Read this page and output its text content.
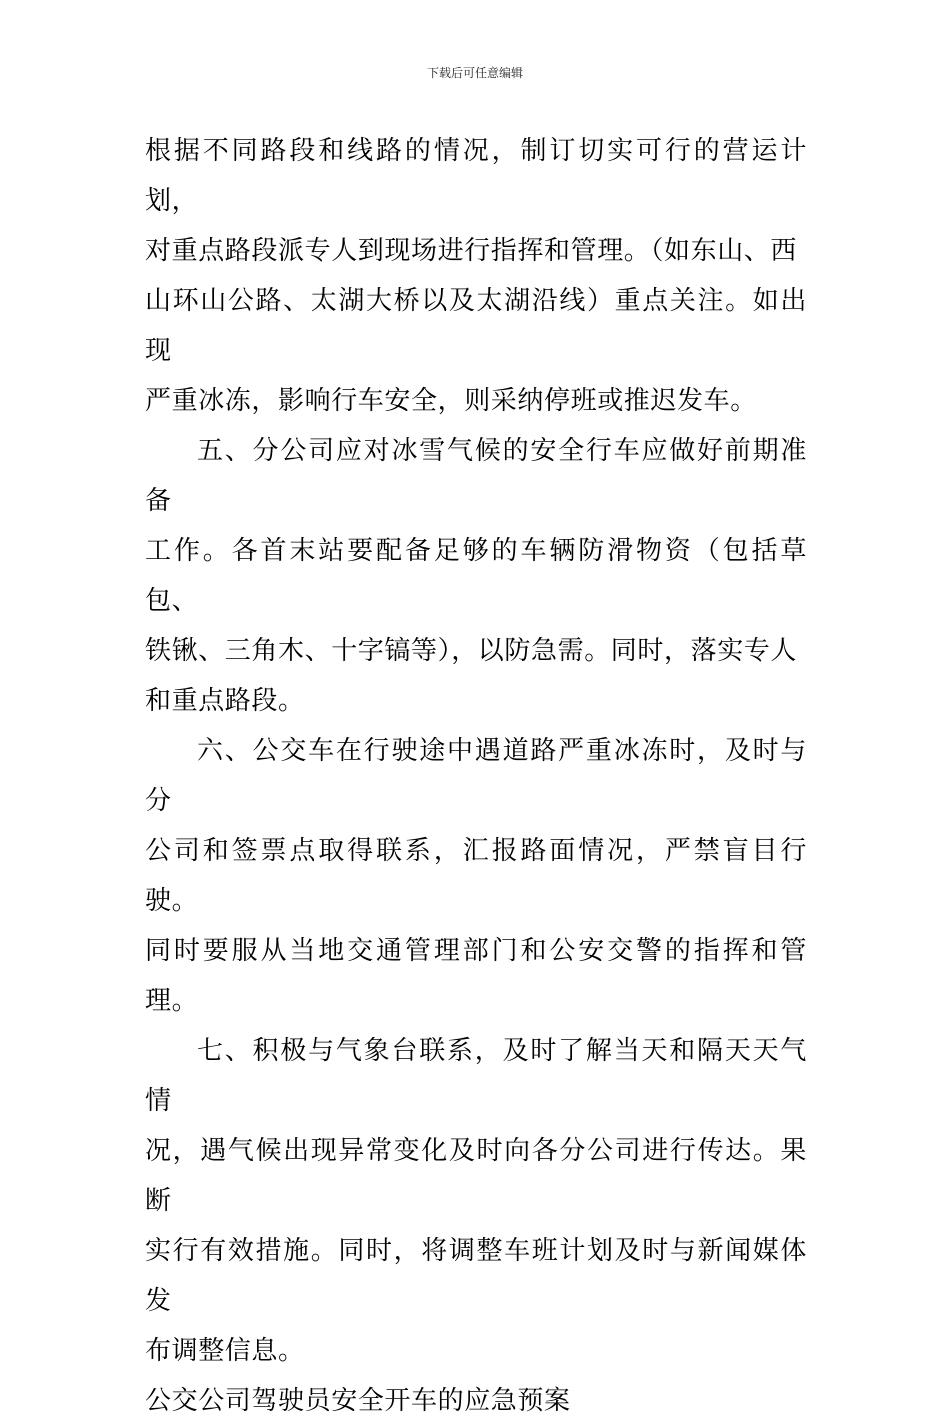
下载后可任意编辑
根据不同路段和线路的情况，制订切实可行的营运计划，
对重点路段派专人到现场进行指挥和管理。（如东山、西
山环山公路、太湖大桥以及太湖沿线）重点关注。如出现
严重冰冻，影响行车安全，则采纳停班或推迟发车。
五、分公司应对冰雪气候的安全行车应做好前期准备
工作。各首末站要配备足够的车辆防滑物资（包括草包、
铁锹、三角木、十字镐等），以防急需。同时，落实专人
和重点路段。
六、公交车在行驶途中遇道路严重冰冻时，及时与分
公司和签票点取得联系，汇报路面情况，严禁盲目行驶。
同时要服从当地交通管理部门和公安交警的指挥和管理。
七、积极与气象台联系，及时了解当天和隔天天气情
况，遇气候出现异常变化及时向各分公司进行传达。果断
实行有效措施。同时，将调整车班计划及时与新闻媒体发
布调整信息。
公交公司驾驶员安全开车的应急预案
